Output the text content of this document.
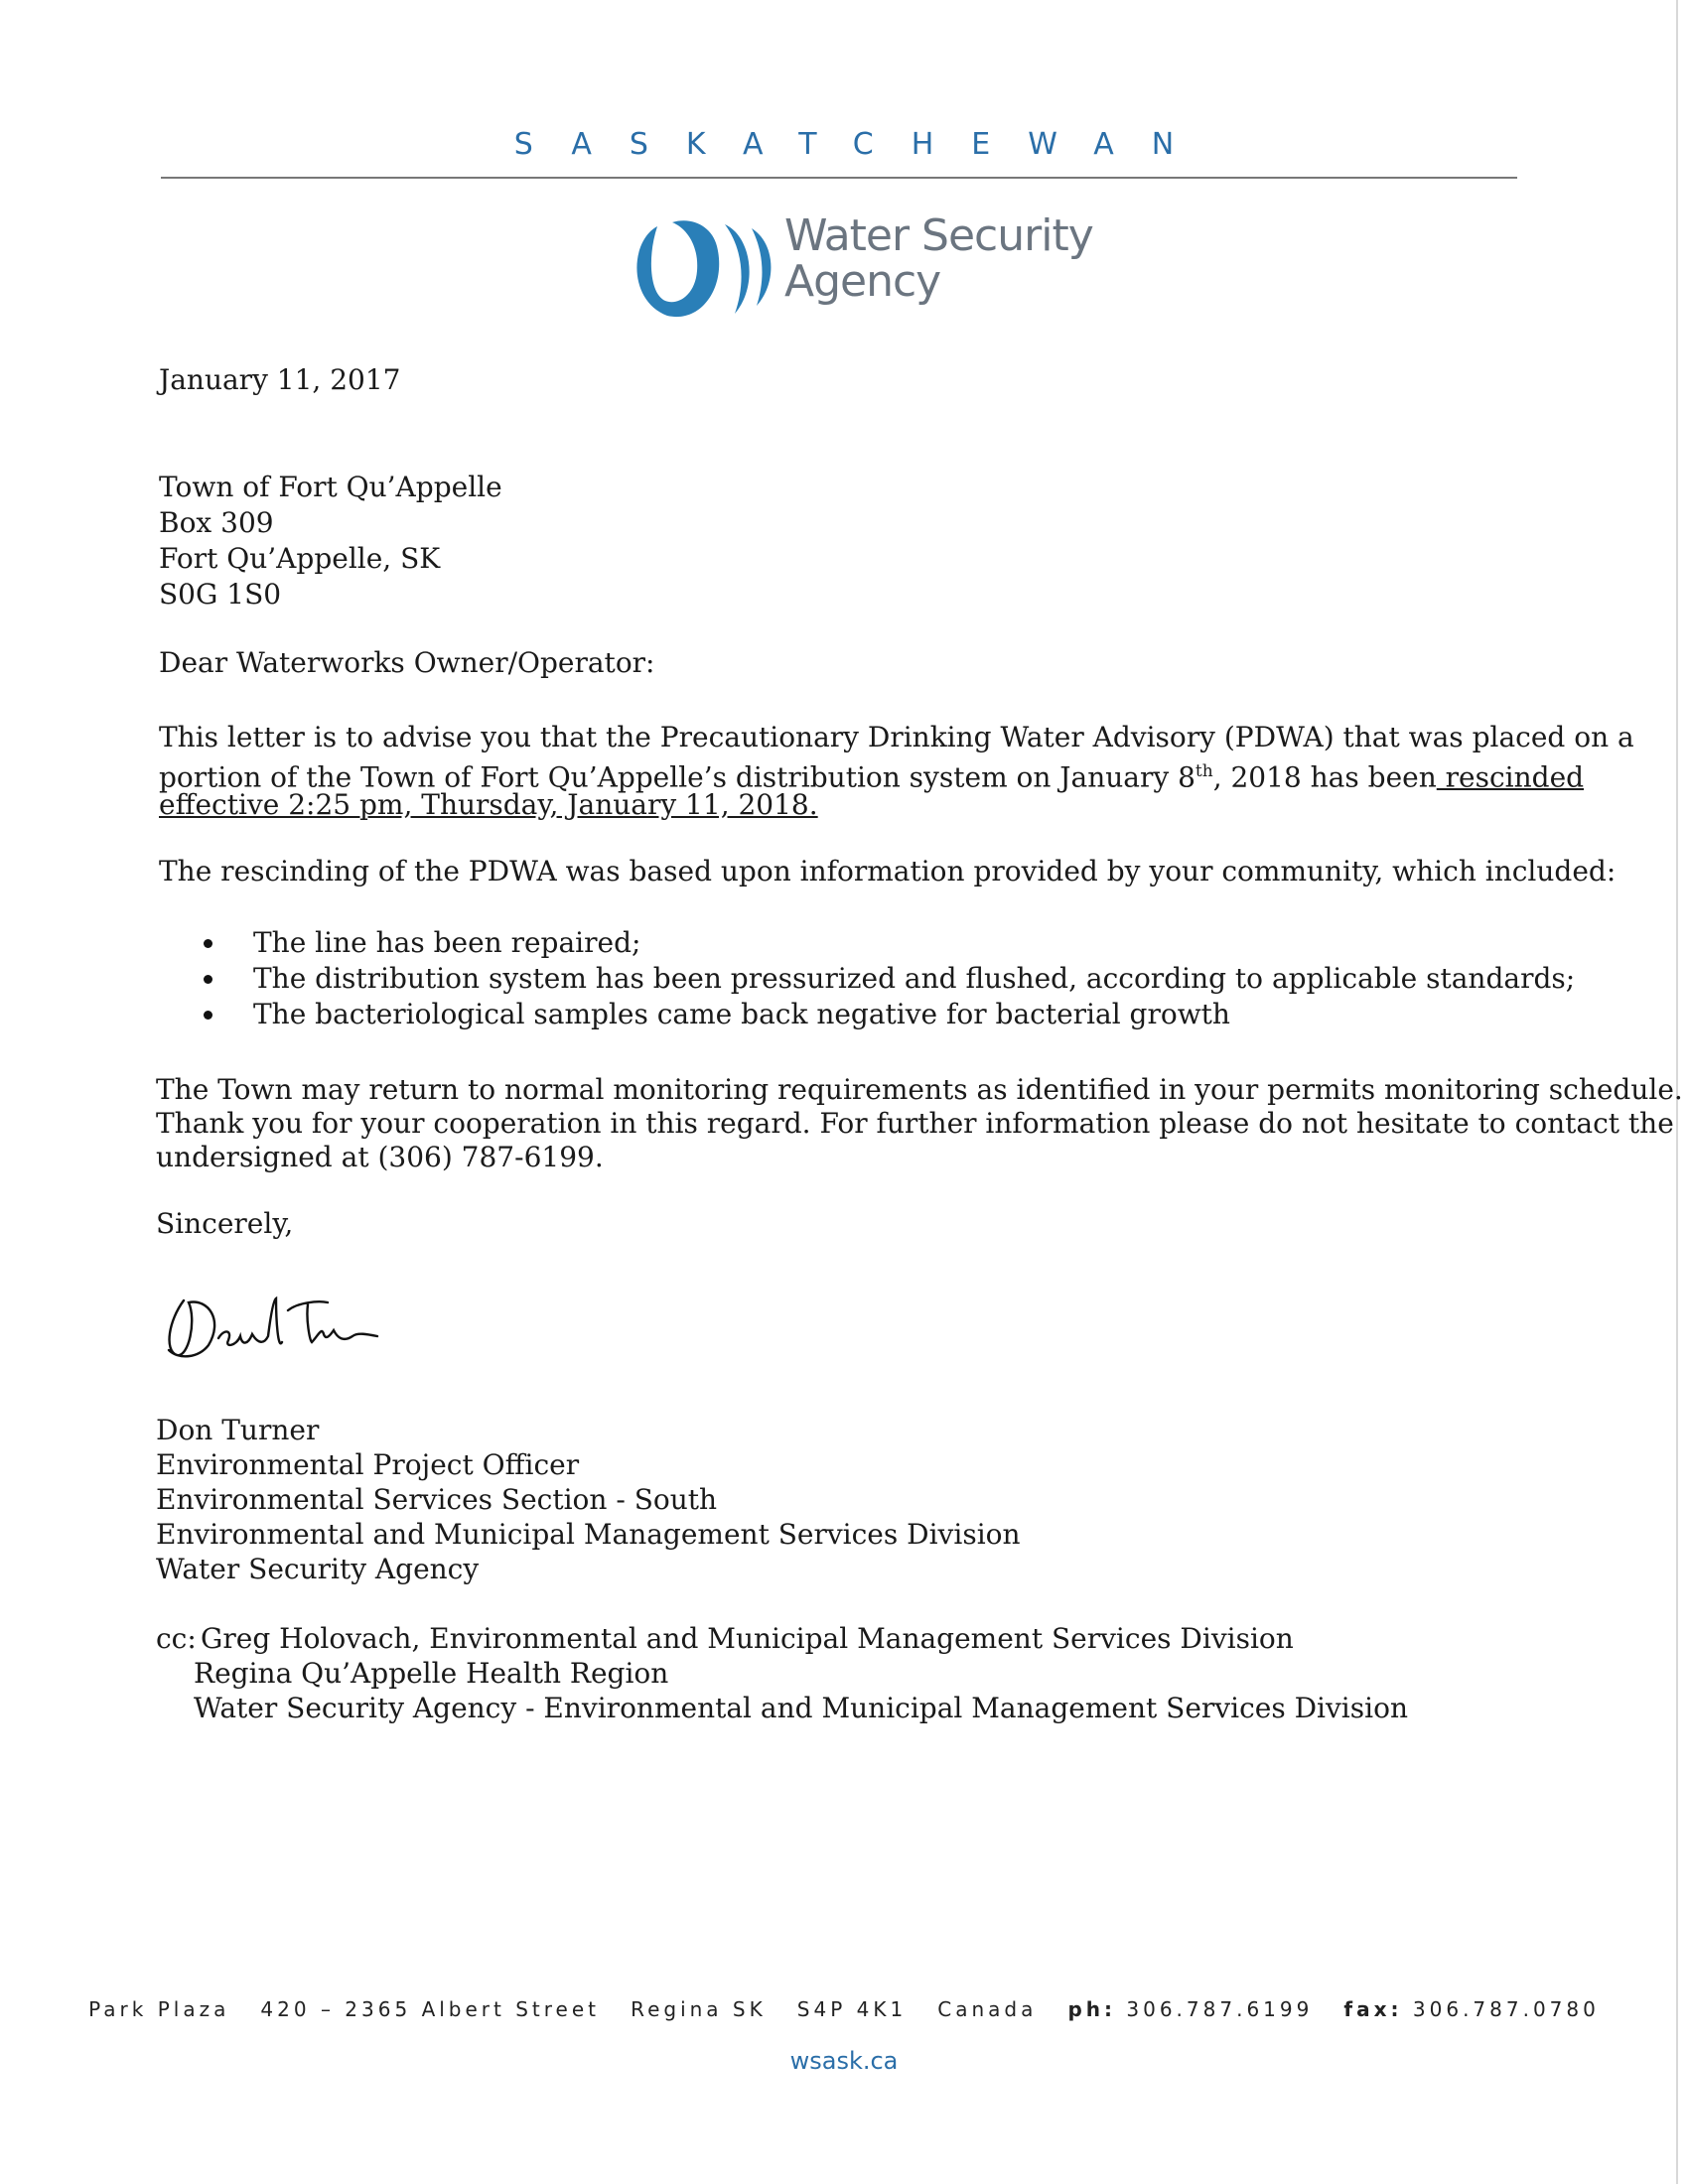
SASKATCHEWAN
Water Security
Agency
January 11, 2017
Town of Fort Qu’Appelle
Box 309
Fort Qu’Appelle, SK
S0G 1S0
Dear Waterworks Owner/Operator:
This letter is to advise you that the Precautionary Drinking Water Advisory (PDWA) that was placed on a
portion of the Town of Fort Qu’Appelle’s distribution system on January 8th, 2018 has been rescinded
effective 2:25 pm, Thursday, January 11, 2018.
The rescinding of the PDWA was based upon information provided by your community, which included:
The line has been repaired;
The distribution system has been pressurized and flushed, according to applicable standards;
The bacteriological samples came back negative for bacterial growth
The Town may return to normal monitoring requirements as identified in your permits monitoring schedule.
Thank you for your cooperation in this regard. For further information please do not hesitate to contact the
undersigned at (306) 787-6199.
Sincerely,
Don Turner
Environmental Project Officer
Environmental Services Section - South
Environmental and Municipal Management Services Division
Water Security Agency
cc: Greg Holovach, Environmental and Municipal Management Services Division
Regina Qu’Appelle Health Region
Water Security Agency - Environmental and Municipal Management Services Division
Park Plaza   420 – 2365 Albert Street   Regina SK   S4P 4K1   Canada ph: 306.787.6199 fax: 306.787.0780
wsask.ca
